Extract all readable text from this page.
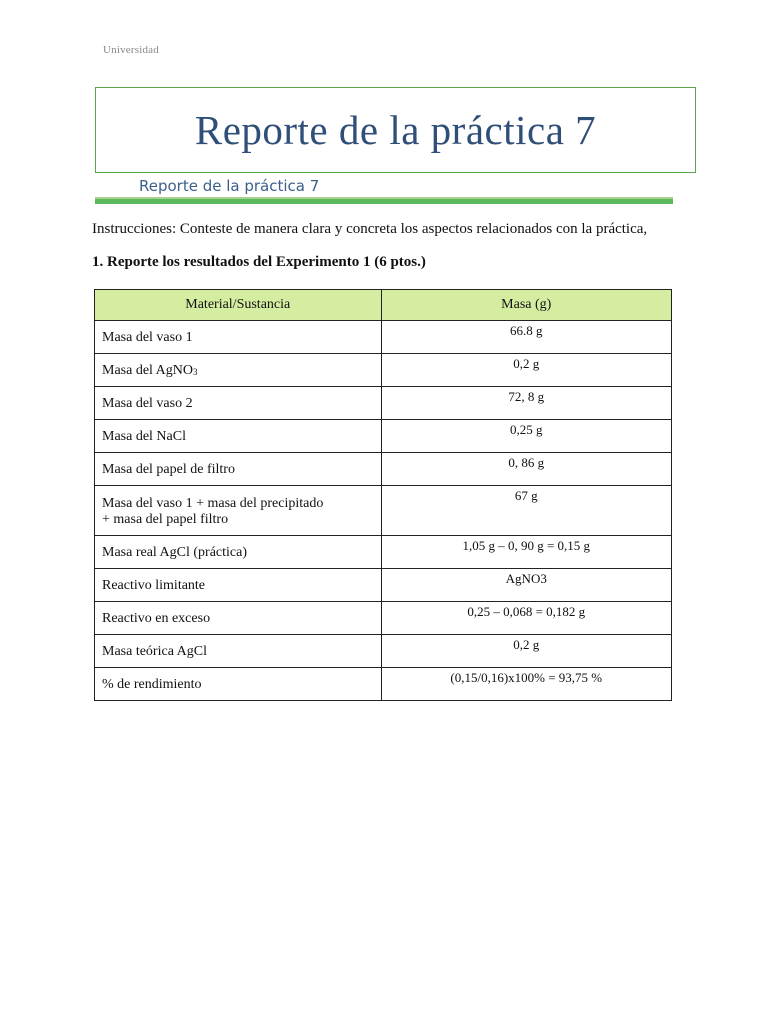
Universidad
Reporte de la práctica 7
Reporte de la práctica 7
Instrucciones: Conteste de manera clara y concreta los aspectos relacionados con la práctica,
1. Reporte los resultados del Experimento 1 (6 ptos.)
Material/Sustancia	Masa (g)
Masa del vaso 1	66.8 g
Masa del AgNO$_3$	0,2 g
Masa del vaso 2	72, 8 g
Masa del NaCl	0,25 g
Masa del papel de filtro	0, 86 g

Masa del vaso 1 + masa del precipitado
+ masa del papel filtro	67 g
Masa real AgCl (práctica)	1,05 g – 0, 90 g = 0,15 g
Reactivo limitante	AgNO3
Reactivo en exceso	0,25 – 0,068 = 0,182 g
Masa teórica AgCl	0,2 g
% de rendimiento	(0,15/0,16)x100% = 93,75 %
